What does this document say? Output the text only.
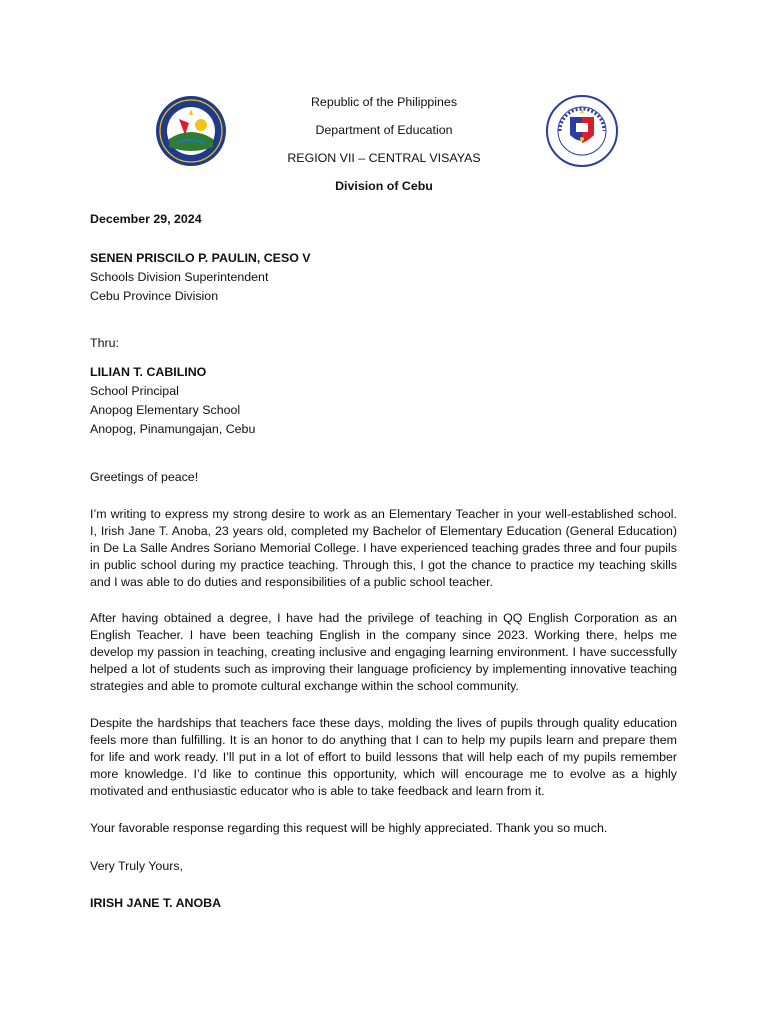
Republic of the Philippines
Department of Education
REGION VII – CENTRAL VISAYAS
Division of Cebu
December 29, 2024
SENEN PRISCILO P. PAULIN, CESO V
Schools Division Superintendent
Cebu Province Division
Thru:
LILIAN T. CABILINO
School Principal
Anopog Elementary School
Anopog, Pinamungajan, Cebu
Greetings of peace!
I’m writing to express my strong desire to work as an Elementary Teacher in your well-established school. I, Irish Jane T. Anoba, 23 years old, completed my Bachelor of Elementary Education (General Education) in De La Salle Andres Soriano Memorial College. I have experienced teaching grades three and four pupils in public school during my practice teaching. Through this, I got the chance to practice my teaching skills and I was able to do duties and responsibilities of a public school teacher.
After having obtained a degree, I have had the privilege of teaching in QQ English Corporation as an English Teacher. I have been teaching English in the company since 2023. Working there, helps me develop my passion in teaching, creating inclusive and engaging learning environment. I have successfully helped a lot of students such as improving their language proficiency by implementing innovative teaching strategies and able to promote cultural exchange within the school community.
Despite the hardships that teachers face these days, molding the lives of pupils through quality education feels more than fulfilling. It is an honor to do anything that I can to help my pupils learn and prepare them for life and work ready. I’ll put in a lot of effort to build lessons that will help each of my pupils remember more knowledge. I’d like to continue this opportunity, which will encourage me to evolve as a highly motivated and enthusiastic educator who is able to take feedback and learn from it.
Your favorable response regarding this request will be highly appreciated. Thank you so much.
Very Truly Yours,
IRISH JANE T. ANOBA
